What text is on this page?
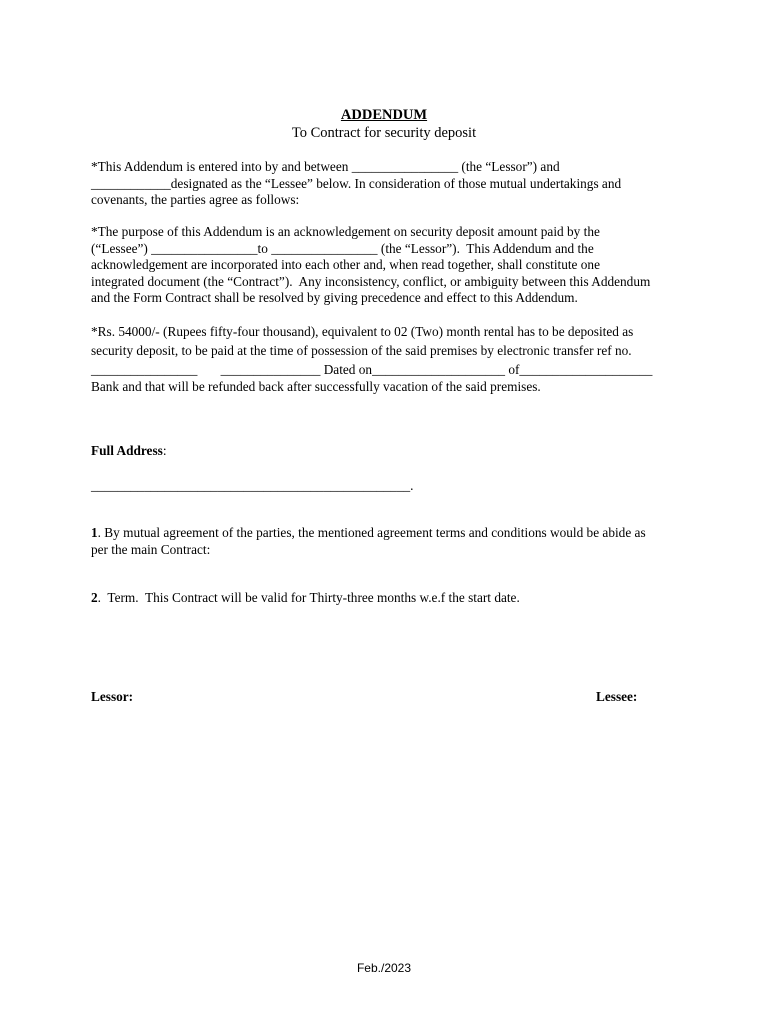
ADDENDUM
To Contract for security deposit
*This Addendum is entered into by and between ________________ (the “Lessor”) and
____________designated as the “Lessee” below. In consideration of those mutual undertakings and
covenants, the parties agree as follows:
*The purpose of this Addendum is an acknowledgement on security deposit amount paid by the
(“Lessee”) ________________to ________________ (the “Lessor”).  This Addendum and the
acknowledgement are incorporated into each other and, when read together, shall constitute one
integrated document (the “Contract”).  Any inconsistency, conflict, or ambiguity between this Addendum
and the Form Contract shall be resolved by giving precedence and effect to this Addendum.
*Rs. 54000/- (Rupees fifty-four thousand), equivalent to 02 (Two) month rental has to be deposited as
security deposit, to be paid at the time of possession of the said premises by electronic transfer ref no.
________________       _______________ Dated on____________________ of____________________
Bank and that will be refunded back after successfully vacation of the said premises.
Full Address:
________________________________________________.
1. By mutual agreement of the parties, the mentioned agreement terms and conditions would be abide as
per the main Contract:
2.  Term.  This Contract will be valid for Thirty-three months w.e.f the start date.
Lessor:	Lessee:
Feb./2023
